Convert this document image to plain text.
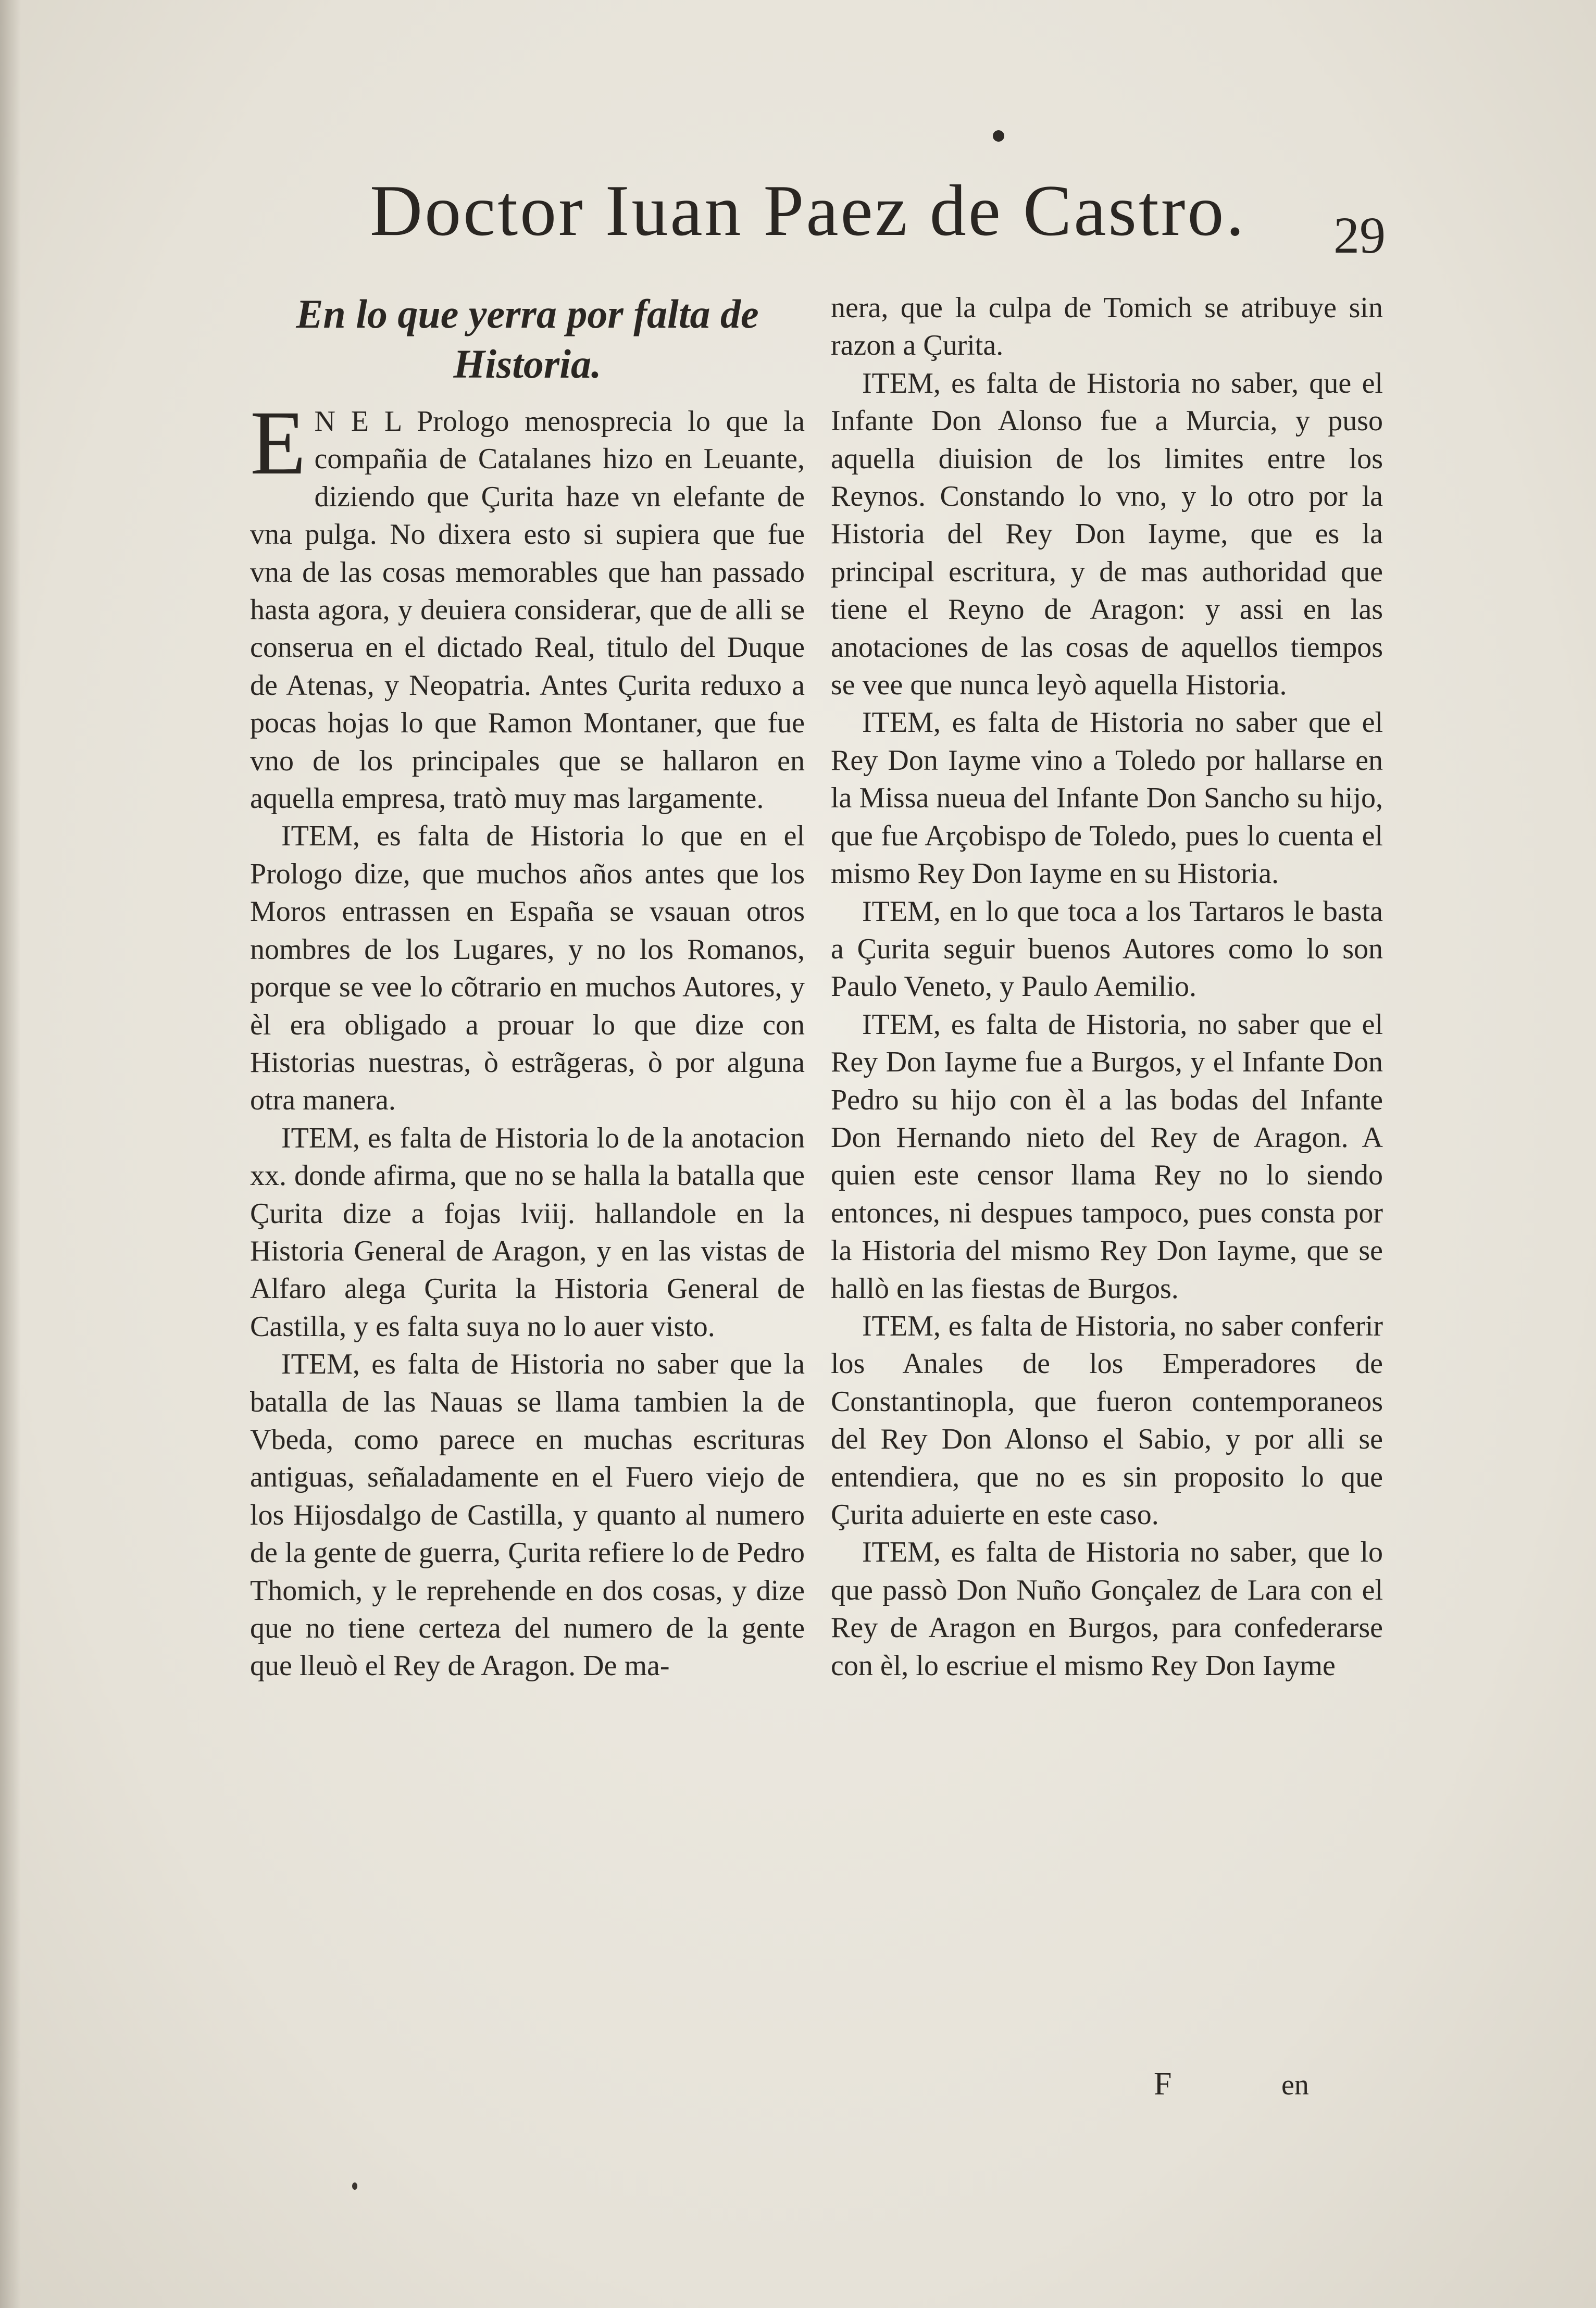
Doctor Iuan Paez de Castro. 29
En lo que yerra por falta de
Historia.

E N E L Prologo menosprecia lo que la compañia de Catalanes hizo en Leuante, diziendo que Çurita haze vn elefante de vna pulga. No dixera esto si supiera que fue vna de las cosas memorables que han passado hasta agora, y deuiera considerar, que de alli se conserua en el dictado Real, titulo del Duque de Atenas, y Neopatria. Antes Çurita reduxo a pocas hojas lo que Ramon Montaner, que fue vno de los principales que se hallaron en aquella empresa, tratò muy mas largamente.

ITEM, es falta de Historia lo que en el Prologo dize, que muchos años antes que los Moros entrassen en España se vsauan otros nombres de los Lugares, y no los Romanos, porque se vee lo cõtrario en muchos Autores, y èl era obligado a prouar lo que dize con Historias nuestras, ò estrãgeras, ò por alguna otra manera.

ITEM, es falta de Historia lo de la anotacion xx. donde afirma, que no se halla la batalla que Çurita dize a fojas lviij. hallandole en la Historia General de Aragon, y en las vistas de Alfaro alega Çurita la Historia General de Castilla, y es falta suya no lo auer visto.

ITEM, es falta de Historia no saber que la batalla de las Nauas se llama tambien la de Vbeda, como parece en muchas escrituras antiguas, señaladamente en el Fuero viejo de los Hijosdalgo de Castilla, y quanto al numero de la gente de guerra, Çurita refiere lo de Pedro Thomich, y le reprehende en dos cosas, y dize que no tiene certeza del numero de la gente que lleuò el Rey de Aragon. De ma-

nera, que la culpa de Tomich se atribuye sin razon a Çurita.

ITEM, es falta de Historia no saber, que el Infante Don Alonso fue a Murcia, y puso aquella diuision de los limites entre los Reynos. Constando lo vno, y lo otro por la Historia del Rey Don Iayme, que es la principal escritura, y de mas authoridad que tiene el Reyno de Aragon: y assi en las anotaciones de las cosas de aquellos tiempos se vee que nunca leyò aquella Historia.

ITEM, es falta de Historia no saber que el Rey Don Iayme vino a Toledo por hallarse en la Missa nueua del Infante Don Sancho su hijo, que fue Arçobispo de Toledo, pues lo cuenta el mismo Rey Don Iayme en su Historia.

ITEM, en lo que toca a los Tartaros le basta a Çurita seguir buenos Autores como lo son Paulo Veneto, y Paulo Aemilio.

ITEM, es falta de Historia, no saber que el Rey Don Iayme fue a Burgos, y el Infante Don Pedro su hijo con èl a las bodas del Infante Don Hernando nieto del Rey de Aragon. A quien este censor llama Rey no lo siendo entonces, ni despues tampoco, pues consta por la Historia del mismo Rey Don Iayme, que se hallò en las fiestas de Burgos.

ITEM, es falta de Historia, no saber conferir los Anales de los Emperadores de Constantinopla, que fueron contemporaneos del Rey Don Alonso el Sabio, y por alli se entendiera, que no es sin proposito lo que Çurita aduierte en este caso.

ITEM, es falta de Historia no saber, que lo que passò Don Nuño Gonçalez de Lara con el Rey de Aragon en Burgos, para confederarse con èl, lo escriue el mismo Rey Don Iayme

F	en
